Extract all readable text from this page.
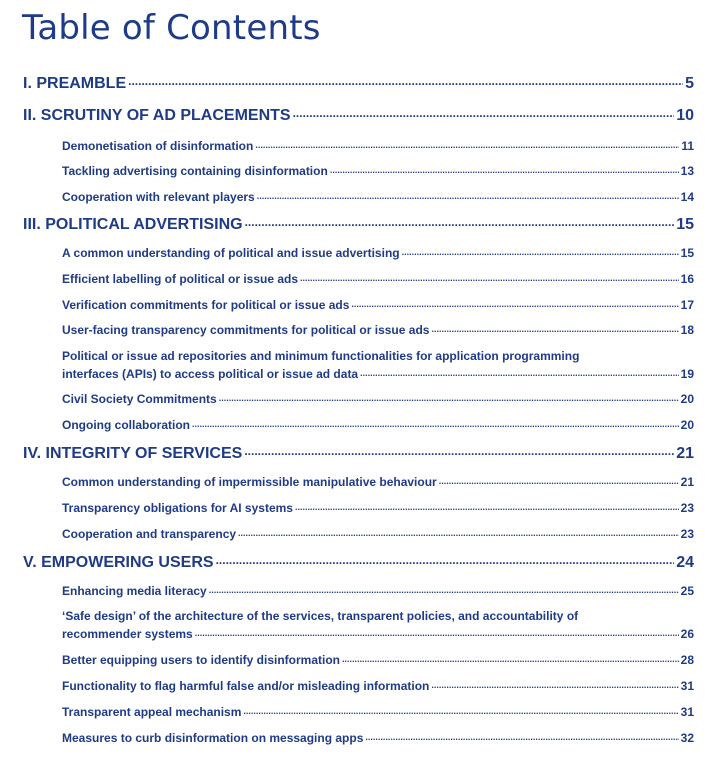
Table of Contents
I. PREAMBLE .....	5
II. SCRUTINY OF AD PLACEMENTS .....	10
Demonetisation of disinformation .....	11
Tackling advertising containing disinformation .....	13
Cooperation with relevant players .....	14
III. POLITICAL ADVERTISING .....	15
A common understanding of political and issue advertising .....	15
Efficient labelling of political or issue ads .....	16
Verification commitments for political or issue ads .....	17
User-facing transparency commitments for political or issue ads .....	18
Political or issue ad repositories and minimum functionalities for application programming
interfaces (APIs) to access political or issue ad data .....	19
Civil Society Commitments .....	20
Ongoing collaboration .....	20
IV. INTEGRITY OF SERVICES .....	21
Common understanding of impermissible manipulative behaviour .....	21
Transparency obligations for AI systems .....	23
Cooperation and transparency .....	23
V. EMPOWERING USERS .....	24
Enhancing media literacy .....	25
‘Safe design’ of the architecture of the services, transparent policies, and accountability of
recommender systems .....	26
Better equipping users to identify disinformation .....	28
Functionality to flag harmful false and/or misleading information .....	31
Transparent appeal mechanism .....	31
Measures to curb disinformation on messaging apps .....	32
